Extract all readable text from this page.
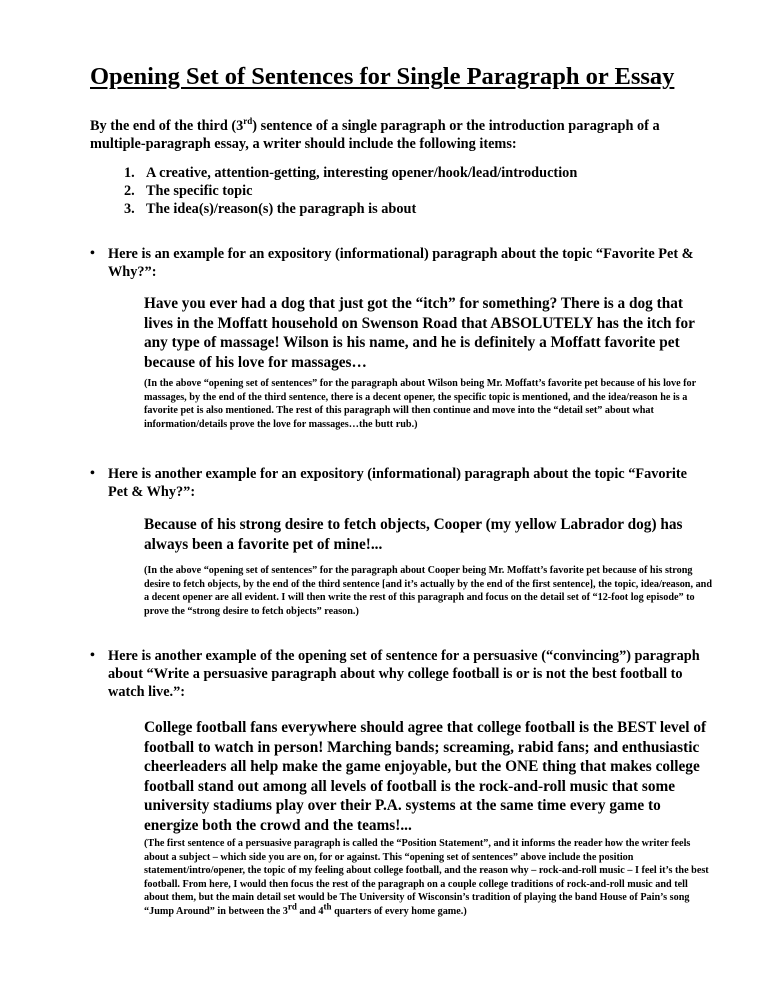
Opening Set of Sentences for Single Paragraph or Essay
By the end of the third (3rd) sentence of a single paragraph or the introduction paragraph of a multiple-paragraph essay, a writer should include the following items:
1. A creative, attention-getting, interesting opener/hook/lead/introduction
2. The specific topic
3. The idea(s)/reason(s) the paragraph is about
• Here is an example for an expository (informational) paragraph about the topic “Favorite Pet & Why?”:
Have you ever had a dog that just got the “itch” for something? There is a dog that lives in the Moffatt household on Swenson Road that ABSOLUTELY has the itch for any type of massage! Wilson is his name, and he is definitely a Moffatt favorite pet because of his love for massages…
(In the above “opening set of sentences” for the paragraph about Wilson being Mr. Moffatt’s favorite pet because of his love for massages, by the end of the third sentence, there is a decent opener, the specific topic is mentioned, and the idea/reason he is a favorite pet is also mentioned. The rest of this paragraph will then continue and move into the “detail set” about what information/details prove the love for massages…the butt rub.)
• Here is another example for an expository (informational) paragraph about the topic “Favorite Pet & Why?”:
Because of his strong desire to fetch objects, Cooper (my yellow Labrador dog) has always been a favorite pet of mine!...
(In the above “opening set of sentences” for the paragraph about Cooper being Mr. Moffatt’s favorite pet because of his strong desire to fetch objects, by the end of the third sentence [and it’s actually by the end of the first sentence], the topic, idea/reason, and a decent opener are all evident. I will then write the rest of this paragraph and focus on the detail set of “12-foot log episode” to prove the “strong desire to fetch objects” reason.)
• Here is another example of the opening set of sentence for a persuasive (“convincing”) paragraph about “Write a persuasive paragraph about why college football is or is not the best football to watch live.”:
College football fans everywhere should agree that college football is the BEST level of football to watch in person! Marching bands; screaming, rabid fans; and enthusiastic cheerleaders all help make the game enjoyable, but the ONE thing that makes college football stand out among all levels of football is the rock-and-roll music that some university stadiums play over their P.A. systems at the same time every game to energize both the crowd and the teams!...
(The first sentence of a persuasive paragraph is called the “Position Statement”, and it informs the reader how the writer feels about a subject – which side you are on, for or against. This “opening set of sentences” above include the position statement/intro/opener, the topic of my feeling about college football, and the reason why – rock-and-roll music – I feel it’s the best football. From here, I would then focus the rest of the paragraph on a couple college traditions of rock-and-roll music and tell about them, but the main detail set would be The University of Wisconsin’s tradition of playing the band House of Pain’s song “Jump Around” in between the 3rd and 4th quarters of every home game.)
